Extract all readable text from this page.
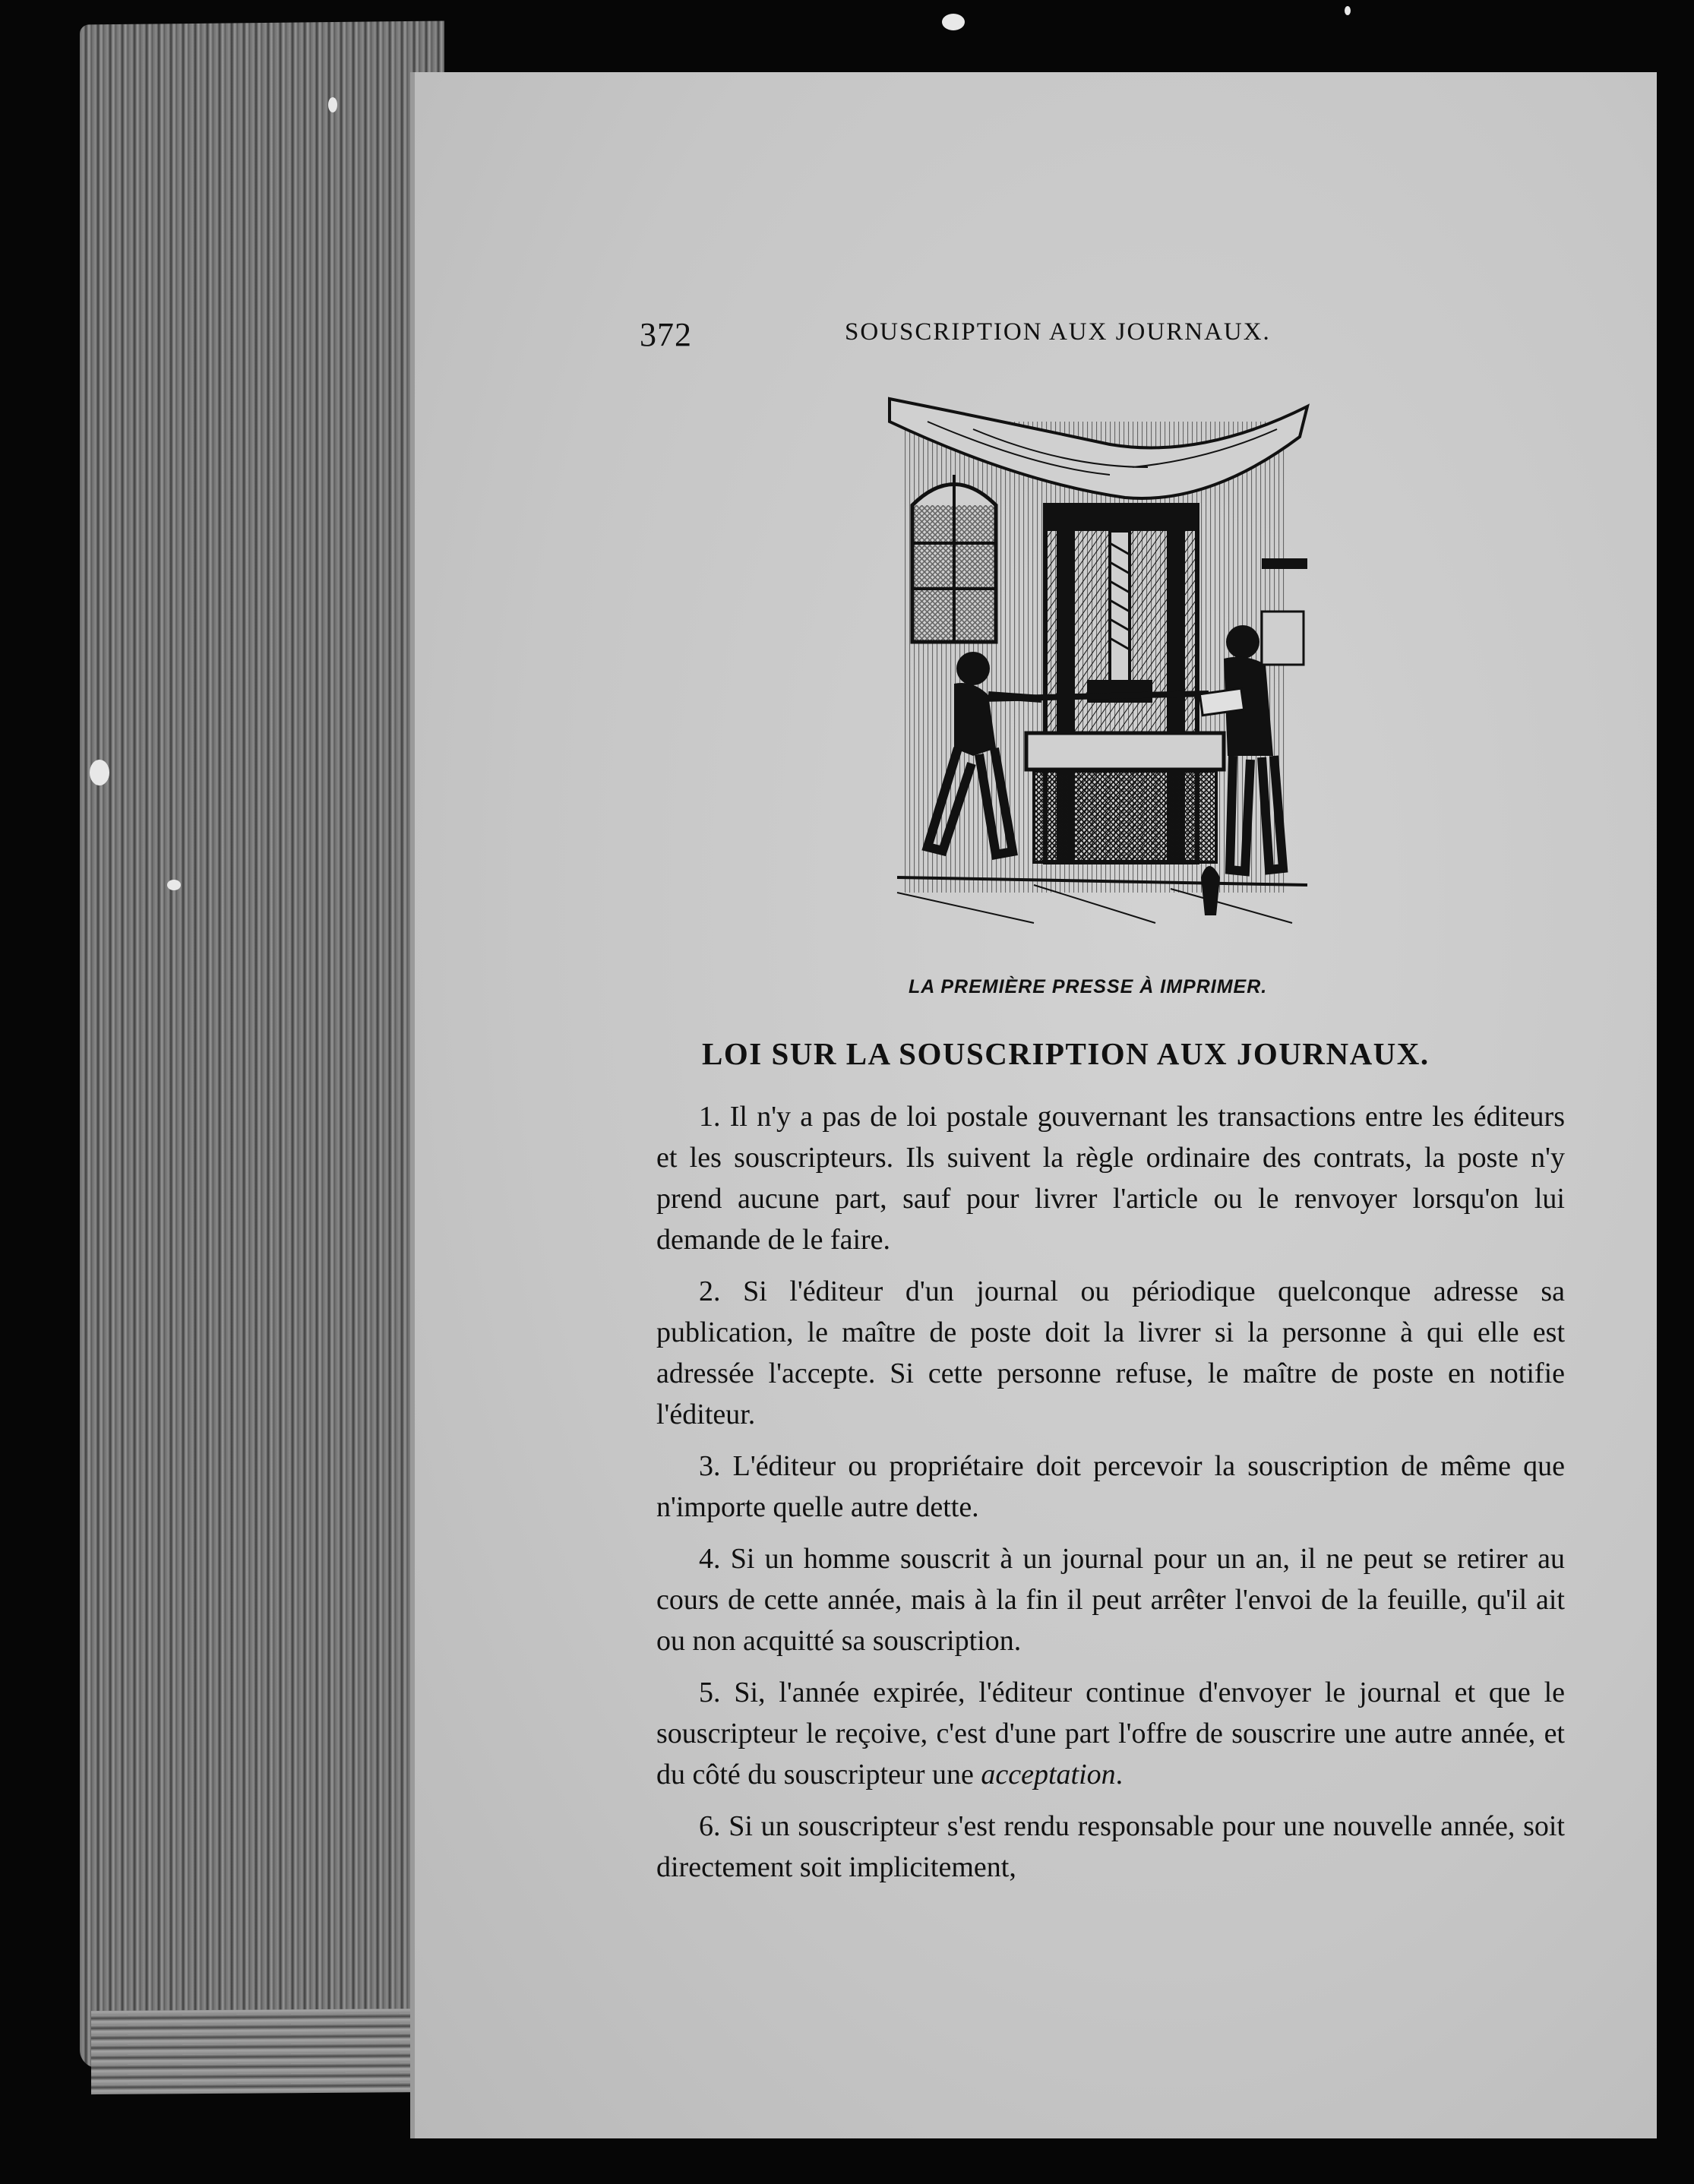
372	SOUSCRIPTION AUX JOURNAUX.
LA PREMIÈRE PRESSE À IMPRIMER.
LOI SUR LA SOUSCRIPTION AUX JOURNAUX.

1. Il n'y a pas de loi postale gouvernant les transactions entre les éditeurs et les souscripteurs. Ils suivent la règle ordinaire des contrats, la poste n'y prend aucune part, sauf pour livrer l'article ou le renvoyer lorsqu'on lui demande de le faire.

2. Si l'éditeur d'un journal ou périodique quelconque adresse sa publication, le maître de poste doit la livrer si la personne à qui elle est adressée l'accepte. Si cette personne refuse, le maître de poste en notifie l'éditeur.

3. L'éditeur ou propriétaire doit percevoir la souscription de même que n'importe quelle autre dette.

4. Si un homme souscrit à un journal pour un an, il ne peut se retirer au cours de cette année, mais à la fin il peut arrêter l'envoi de la feuille, qu'il ait ou non acquitté sa souscription.

5. Si, l'année expirée, l'éditeur continue d'envoyer le journal et que le souscripteur le reçoive, c'est d'une part l'offre de souscrire une autre année, et du côté du souscripteur une acceptation.

6. Si un souscripteur s'est rendu responsable pour une nouvelle année, soit directement soit implicitement,
